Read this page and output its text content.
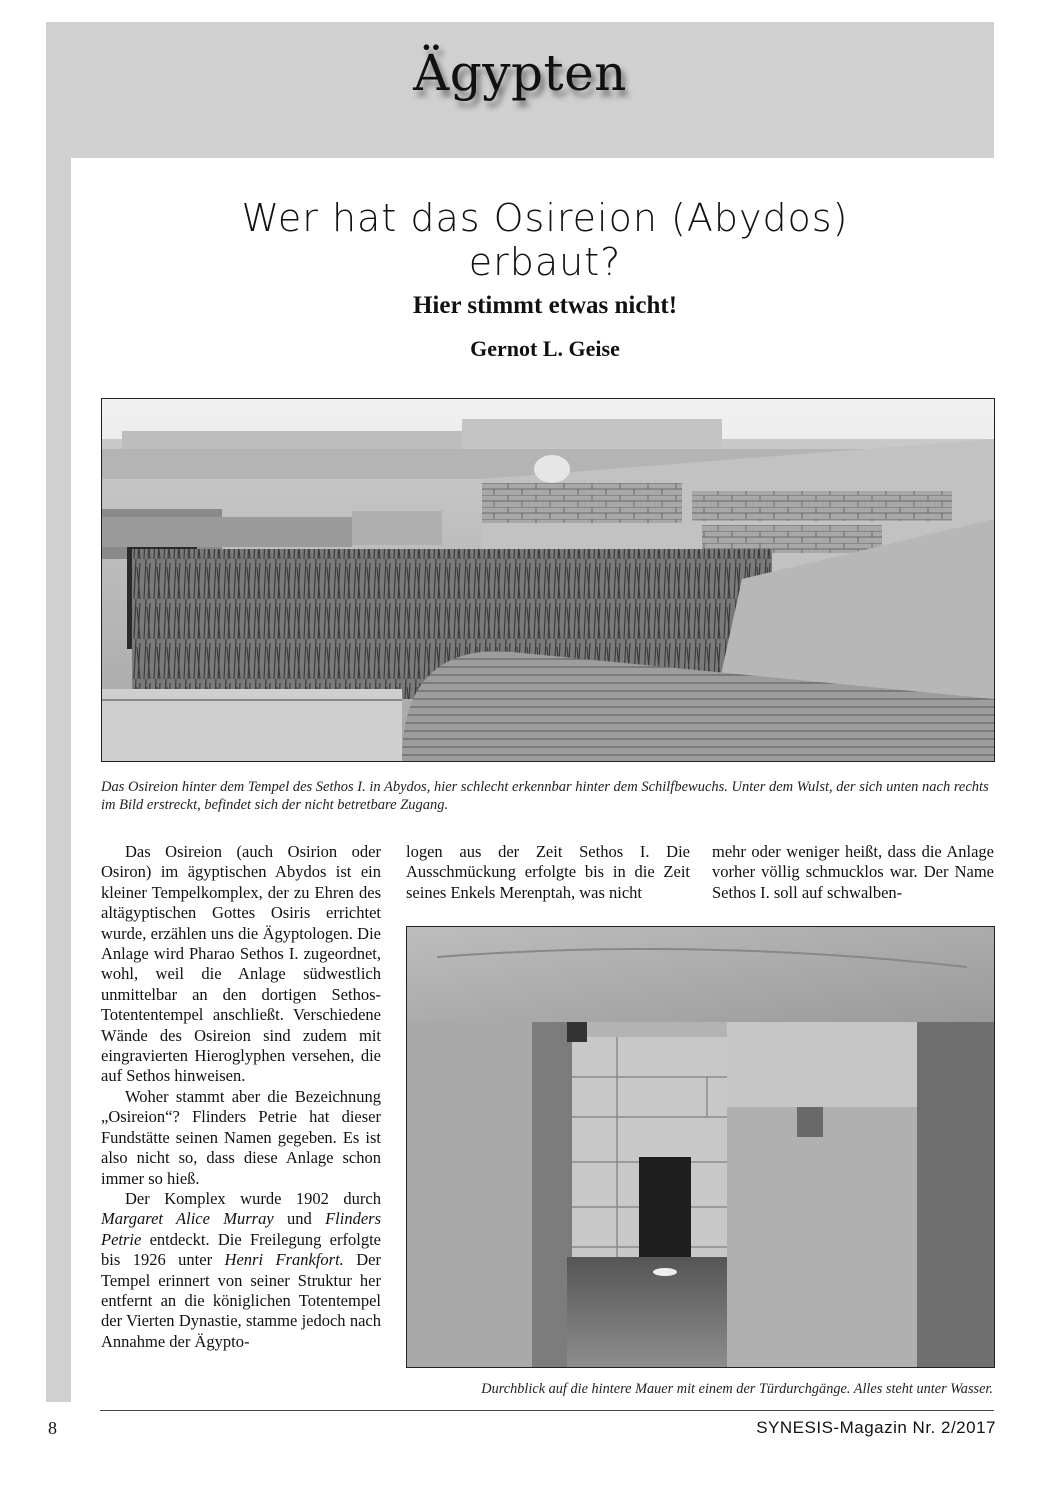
Ägypten
Wer hat das Osireion (Abydos)
erbaut?
Hier stimmt etwas nicht!
Gernot L. Geise
Das Osireion hinter dem Tempel des Sethos I. in Abydos, hier schlecht erkennbar hinter dem Schilfbewuchs. Unter dem Wulst, der sich unten nach rechts im Bild erstreckt, befindet sich der nicht betretbare Zugang.

Das Osireion (auch Osirion oder Osiron) im ägyptischen Abydos ist ein kleiner Tempelkomplex, der zu Ehren des altägyptischen Gottes Osiris errichtet wurde, erzählen uns die Ägyptologen. Die Anlage wird Pharao Sethos I. zugeordnet, wohl, weil die Anlage südwestlich unmittelbar an den dortigen Sethos-Totententempel anschließt. Verschiedene Wände des Osireion sind zudem mit eingravierten Hieroglyphen versehen, die auf Sethos hinweisen.

Woher stammt aber die Bezeichnung „Osireion“? Flinders Petrie hat dieser Fundstätte seinen Namen gegeben. Es ist also nicht so, dass diese Anlage schon immer so hieß.

Der Komplex wurde 1902 durch Margaret Alice Murray und Flinders Petrie entdeckt. Die Freilegung erfolgte bis 1926 unter Henri Frankfort. Der Tempel erinnert von seiner Struktur her entfernt an die königlichen Totentempel der Vierten Dynastie, stamme jedoch nach Annahme der Ägypto-

logen aus der Zeit Sethos I. Die Ausschmückung erfolgte bis in die Zeit seines Enkels Merenptah, was nicht

mehr oder weniger heißt, dass die Anlage vorher völlig schmucklos war. Der Name Sethos I. soll auf schwalben-

Durchblick auf die hintere Mauer mit einem der Türdurchgänge. Alles steht unter Wasser.
8	SYNESIS-Magazin Nr. 2/2017
